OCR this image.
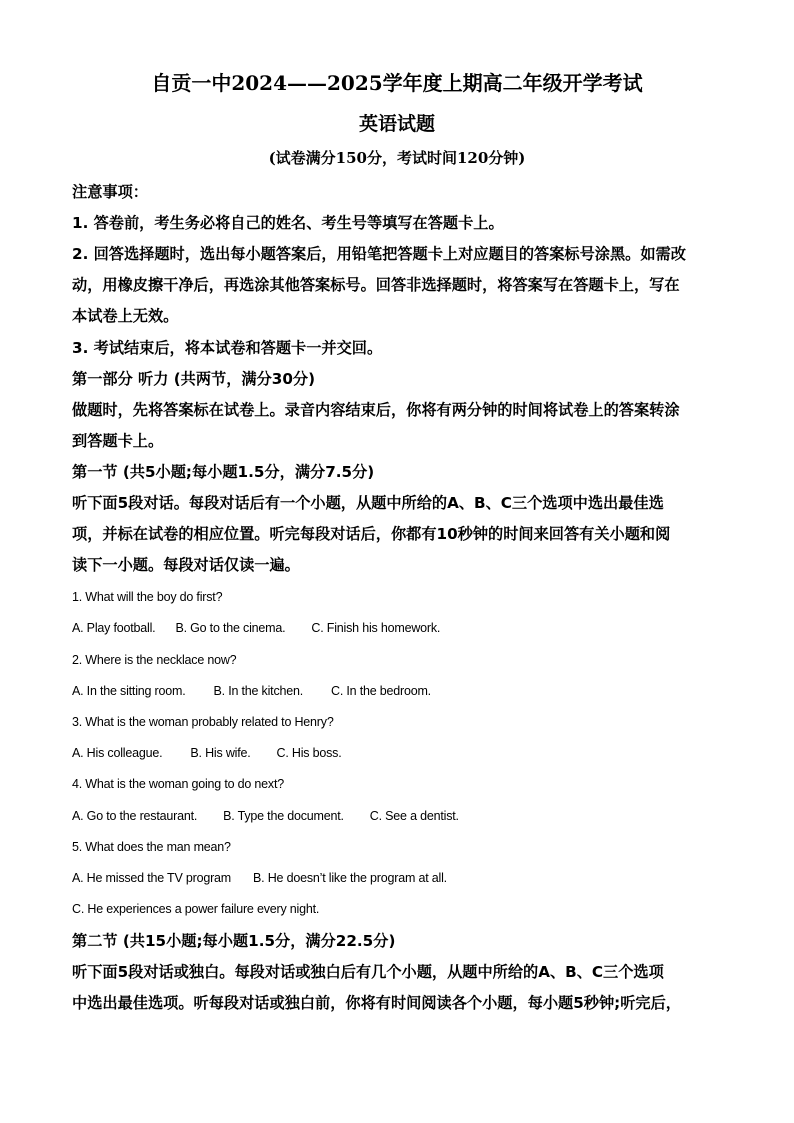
自贡一中2024——2025学年度上期高二年级开学考试
英语试题
(试卷满分150分，考试时间120分钟)
注意事项：
1. 答卷前，考生务必将自己的姓名、考生号等填写在答题卡上。
2. 回答选择题时，选出每小题答案后，用铅笔把答题卡上对应题目的答案标号涂黑。如需改
动，用橡皮擦干净后，再选涂其他答案标号。回答非选择题时，将答案写在答题卡上，写在
本试卷上无效。
3. 考试结束后，将本试卷和答题卡一并交回。
第一部分 听力 (共两节，满分30分)
做题时，先将答案标在试卷上。录音内容结束后，你将有两分钟的时间将试卷上的答案转涂
到答题卡上。
第一节 (共5小题;每小题1.5分，满分7.5分)
听下面5段对话。每段对话后有一个小题，从题中所给的A、B、C三个选项中选出最佳选
项，并标在试卷的相应位置。听完每段对话后，你都有10秒钟的时间来回答有关小题和阅
读下一小题。每段对话仅读一遍。
1. What will the boy do first?
A. Play football. B. Go to the cinema. C. Finish his homework.
2. Where is the necklace now?
A. In the sitting room. B. In the kitchen. C. In the bedroom.
3. What is the woman probably related to Henry?
A. His colleague. B. His wife. C. His boss.
4. What is the woman going to do next?
A. Go to the restaurant. B. Type the document. C. See a dentist.
5. What does the man mean?
A. He missed the TV program B. He doesn’t like the program at all.
C. He experiences a power failure every night.
第二节 (共15小题;每小题1.5分，满分22.5分)
听下面5段对话或独白。每段对话或独白后有几个小题，从题中所给的A、B、C三个选项
中选出最佳选项。听每段对话或独白前，你将有时间阅读各个小题，每小题5秒钟;听完后，
